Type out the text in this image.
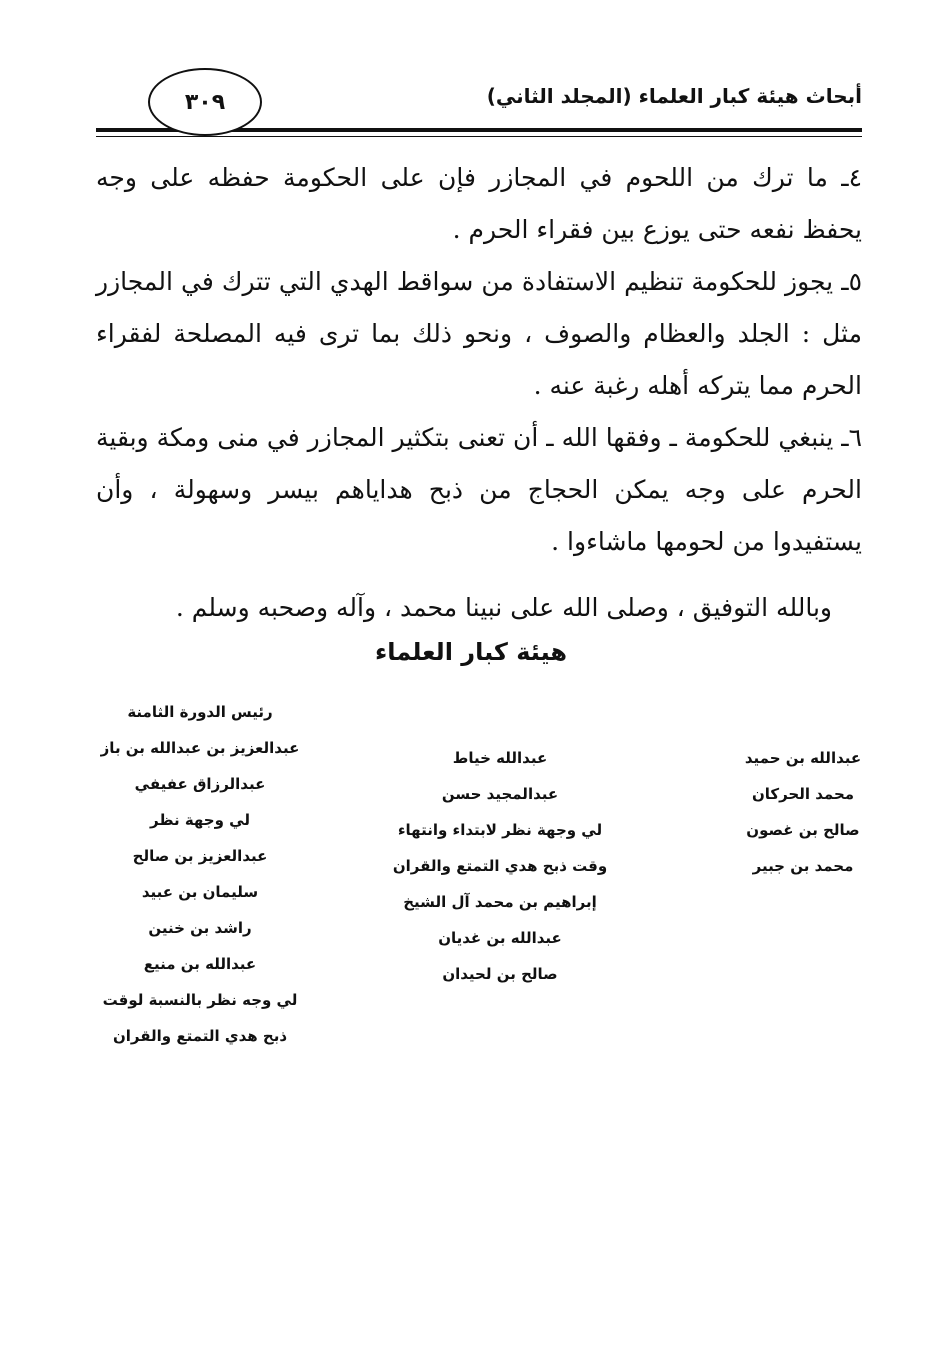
أبحاث هيئة كبار العلماء (المجلد الثاني)
٣٠٩

٤ـ ما ترك من اللحوم في المجازر فإن على الحكومة حفظه على وجه يحفظ نفعه حتى يوزع بين فقراء الحرم .

٥ـ يجوز للحكومة تنظيم الاستفادة من سواقط الهدي التي تترك في المجازر مثل : الجلد والعظام والصوف ، ونحو ذلك بما ترى فيه المصلحة لفقراء الحرم مما يتركه أهله رغبة عنه .

٦ـ ينبغي للحكومة ـ وفقها الله ـ أن تعنى بتكثير المجازر في منى ومكة وبقية الحرم على وجه يمكن الحجاج من ذبح هداياهم بيسر وسهولة ، وأن يستفيدوا من لحومها ماشاءوا .

وبالله التوفيق ، وصلى الله على نبينا محمد ، وآله وصحبه وسلم .
هيئة كبار العلماء
عبدالله بن حميد
محمد الحركان
صالح بن غصون
محمد بن جبير
عبدالله خياط
عبدالمجيد حسن
لي وجهة نظر لابتداء وانتهاء
وقت ذبح هدي التمتع والقران
إبراهيم بن محمد آل الشيخ
عبدالله بن غديان
صالح بن لحيدان
رئيس الدورة الثامنة
عبدالعزيز بن عبدالله بن باز
عبدالرزاق عفيفي
لي وجهة نظر
عبدالعزيز بن صالح
سليمان بن عبيد
راشد بن خنين
عبدالله بن منيع
لي وجه نظر بالنسبة لوقت
ذبح هدي التمتع والقران
